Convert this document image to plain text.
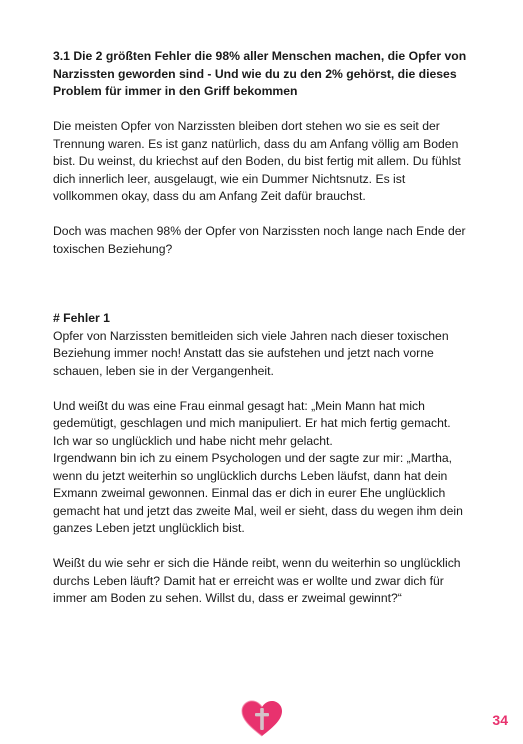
3.1 Die 2 größten Fehler die 98% aller Menschen machen, die Opfer von
Narzissten geworden sind - Und wie du zu den 2% gehörst, die dieses
Problem für immer in den Griff bekommen

Die meisten Opfer von Narzissten bleiben dort stehen wo sie es seit der
Trennung waren. Es ist ganz natürlich, dass du am Anfang völlig am Boden
bist. Du weinst, du kriechst auf den Boden, du bist fertig mit allem. Du fühlst
dich innerlich leer, ausgelaugt, wie ein Dummer Nichtsnutz. Es ist
vollkommen okay, dass du am Anfang Zeit dafür brauchst.

Doch was machen 98% der Opfer von Narzissten noch lange nach Ende der
toxischen Beziehung?

# Fehler 1

Opfer von Narzissten bemitleiden sich viele Jahren nach dieser toxischen
Beziehung immer noch! Anstatt das sie aufstehen und jetzt nach vorne
schauen, leben sie in der Vergangenheit.

Und weißt du was eine Frau einmal gesagt hat: „Mein Mann hat mich
gedemütigt, geschlagen und mich manipuliert. Er hat mich fertig gemacht.
Ich war so unglücklich und habe nicht mehr gelacht.
Irgendwann bin ich zu einem Psychologen und der sagte zur mir: „Martha,
wenn du jetzt weiterhin so unglücklich durchs Leben läufst, dann hat dein
Exmann zweimal gewonnen. Einmal das er dich in eurer Ehe unglücklich
gemacht hat und jetzt das zweite Mal, weil er sieht, dass du wegen ihm dein
ganzes Leben jetzt unglücklich bist.

Weißt du wie sehr er sich die Hände reibt, wenn du weiterhin so unglücklich
durchs Leben läuft? Damit hat er erreicht was er wollte und zwar dich für
immer am Boden zu sehen. Willst du, dass er zweimal gewinnt?“

34
